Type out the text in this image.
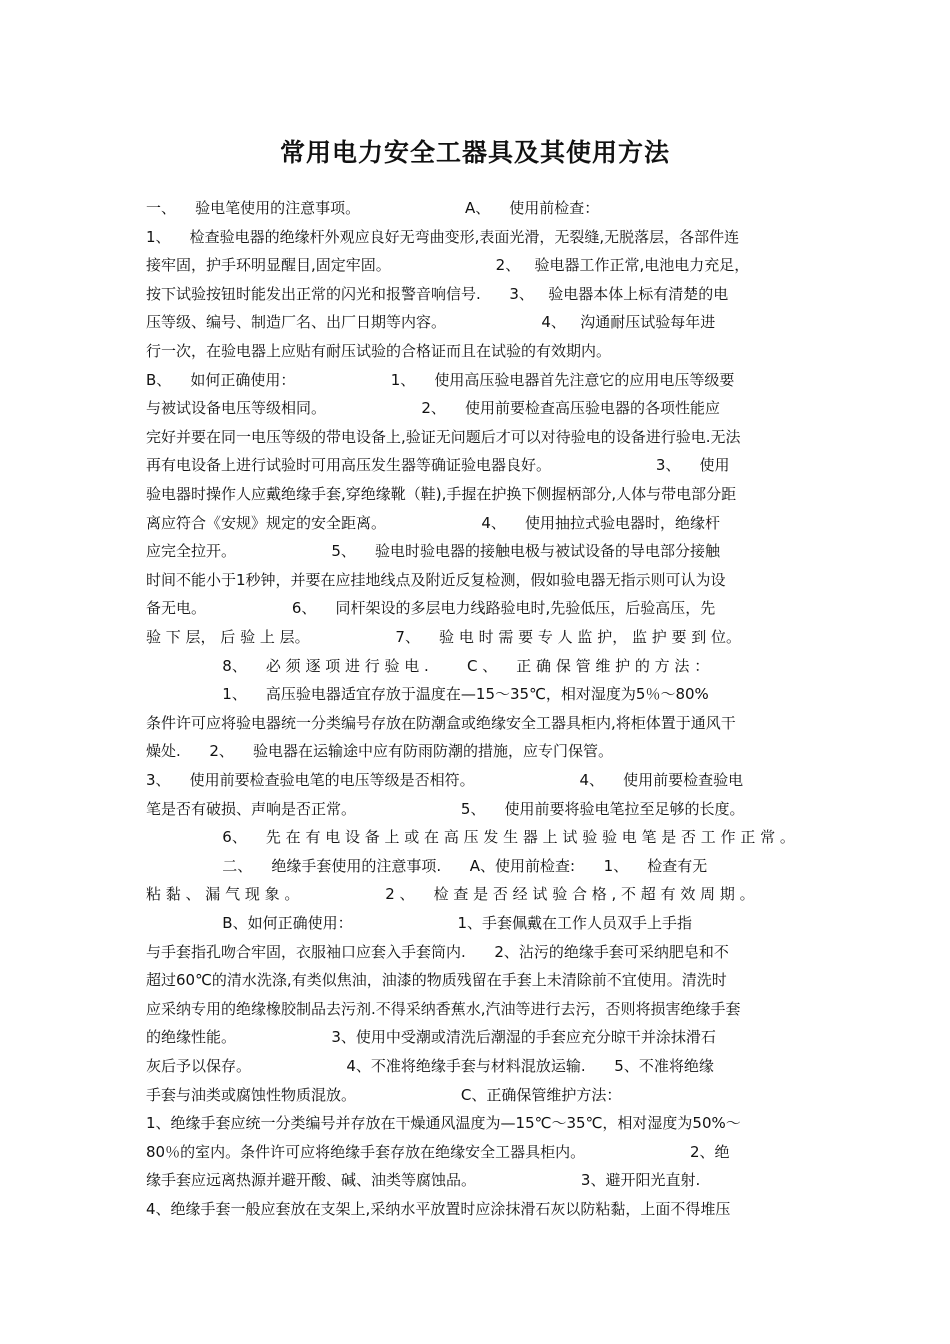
常用电力安全工器具及其使用方法
一、    验电笔使用的注意事项。                      A、    使用前检查：
1、    检查验电器的绝缘杆外观应良好无弯曲变形,表面光滑，无裂缝,无脱落层，各部件连
接牢固，护手环明显醒目,固定牢固。                      2、   验电器工作正常,电池电力充足，
按下试验按钮时能发出正常的闪光和报警音响信号.      3、   验电器本体上标有清楚的电
压等级、编号、制造厂名、出厂日期等内容。                    4、   沟通耐压试验每年进
行一次，在验电器上应贴有耐压试验的合格证而且在试验的有效期内。
B、    如何正确使用：                    1、    使用高压验电器首先注意它的应用电压等级要
与被试设备电压等级相同。                    2、    使用前要检查高压验电器的各项性能应
完好并要在同一电压等级的带电设备上,验证无问题后才可以对待验电的设备进行验电.无法
再有电设备上进行试验时可用高压发生器等确证验电器良好。                      3、    使用
验电器时操作人应戴绝缘手套,穿绝缘靴（鞋),手握在护换下侧握柄部分,人体与带电部分距
离应符合《安规》规定的安全距离。                    4、    使用抽拉式验电器时，绝缘杆
应完全拉开。                    5、    验电时验电器的接触电极与被试设备的导电部分接触
时间不能小于1秒钟，并要在应挂地线点及附近反复检测，假如验电器无指示则可认为设
备无电。                  6、    同杆架设的多层电力线路验电时,先验低压，后验高压，先
验 下 层， 后 验 上 层。                  7、    验 电 时 需 要 专 人 监 护， 监 护 要 到 位。
8、    必 须 逐 项 进 行 验 电 .        C 、    正 确 保 管 维 护 的 方 法 ：
1、    高压验电器适宜存放于温度在—15～35℃，相对湿度为5％～80%
条件许可应将验电器统一分类编号存放在防潮盒或绝缘安全工器具柜内,将柜体置于通风干
燥处.      2、    验电器在运输途中应有防雨防潮的措施，应专门保管。
3、    使用前要检查验电笔的电压等级是否相符。                      4、    使用前要检查验电
笔是否有破损、声响是否正常。                      5、    使用前要将验电笔拉至足够的长度。
6、    先 在 有 电 设 备 上 或 在 高 压 发 生 器 上 试 验 验 电 笔 是 否 工 作 正 常 。
二、    绝缘手套使用的注意事项.      A、使用前检查:      1、    检查有无
粘 黏 、 漏 气 现 象 。                  2 、    检 查 是 否 经 试 验 合 格 , 不 超 有 效 周 期 。
B、如何正确使用：                      1、手套佩戴在工作人员双手上手指
与手套指孔吻合牢固，衣服袖口应套入手套筒内.      2、沾污的绝缘手套可采纳肥皂和不
超过60℃的清水洗涤,有类似焦油，油漆的物质残留在手套上未清除前不宜使用。清洗时
应采纳专用的绝缘橡胶制品去污剂.不得采纳香蕉水,汽油等进行去污，否则将损害绝缘手套
的绝缘性能。                    3、使用中受潮或清洗后潮湿的手套应充分晾干并涂抹滑石
灰后予以保存。                    4、不准将绝缘手套与材料混放运输.      5、不准将绝缘
手套与油类或腐蚀性物质混放。                      C、正确保管维护方法：
1、绝缘手套应统一分类编号并存放在干燥通风温度为—15℃～35℃，相对湿度为50%～
80％的室内。条件许可应将绝缘手套存放在绝缘安全工器具柜内。                      2、绝
缘手套应远离热源并避开酸、碱、油类等腐蚀品。                      3、避开阳光直射.
4、绝缘手套一般应套放在支架上,采纳水平放置时应涂抹滑石灰以防粘黏，上面不得堆压
